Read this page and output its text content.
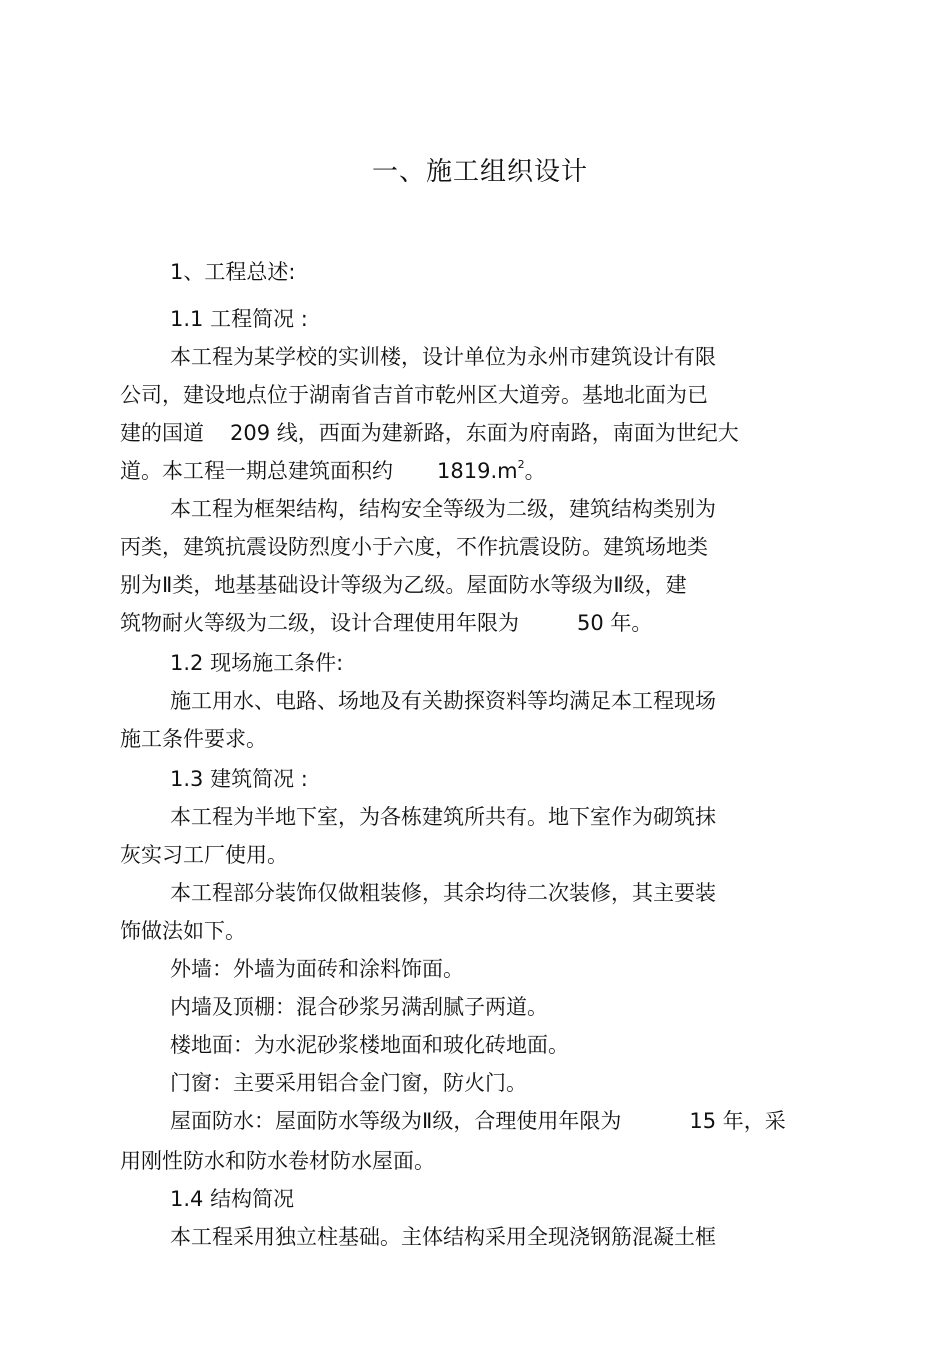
一、施工组织设计
1、工程总述:
1.1 工程简况 :
本工程为某学校的实训楼，设计单位为永州市建筑设计有限
公司，建设地点位于湖南省吉首市乾州区大道旁。基地北面为已
建的国道 209 线，西面为建新路，东面为府南路，南面为世纪大
道。本工程一期总建筑面积约 $1819.m^2$。
本工程为框架结构，结构安全等级为二级，建筑结构类别为
丙类，建筑抗震设防烈度小于六度，不作抗震设防。建筑场地类
别为Ⅱ类，地基基础设计等级为乙级。屋面防水等级为Ⅱ级，建
筑物耐火等级为二级，设计合理使用年限为	50 年。
1.2 现场施工条件:
施工用水、电路、场地及有关勘探资料等均满足本工程现场
施工条件要求。
1.3 建筑简况 :
本工程为半地下室，为各栋建筑所共有。地下室作为砌筑抹
灰实习工厂使用。
本工程部分装饰仅做粗装修，其余均待二次装修，其主要装
饰做法如下。
外墙：外墙为面砖和涂料饰面。
内墙及顶棚：混合砂浆另满刮腻子两道。
楼地面：为水泥砂浆楼地面和玻化砖地面。
门窗：主要采用铝合金门窗，防火门。
屋面防水：屋面防水等级为Ⅱ级，合理使用年限为	15 年，采
用刚性防水和防水卷材防水屋面。
1.4 结构简况
本工程采用独立柱基础。主体结构采用全现浇钢筋混凝土框
